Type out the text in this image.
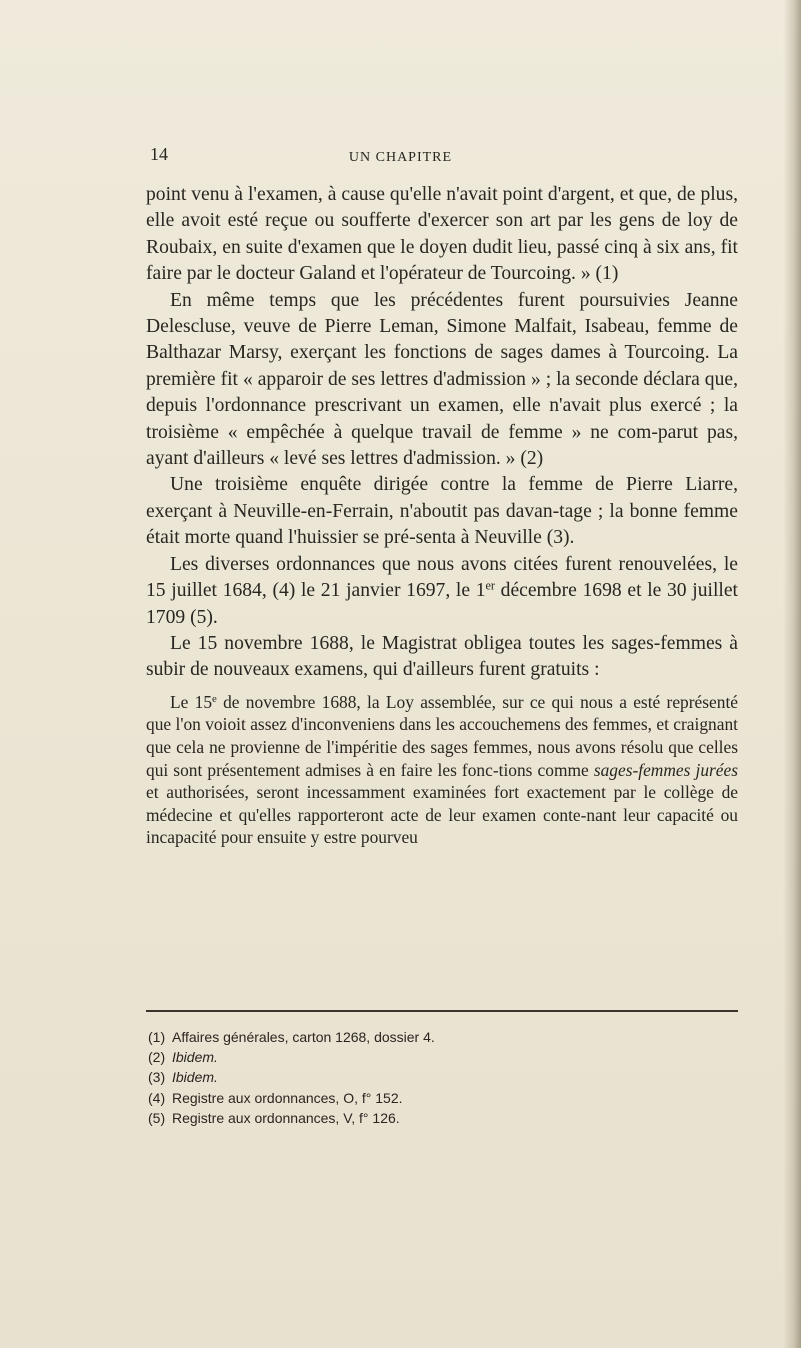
14	UN CHAPITRE

point venu à l'examen, à cause qu'elle n'avait point d'argent, et que, de plus, elle avoit esté reçue ou soufferte d'exercer son art par les gens de loy de Roubaix, en suite d'examen que le doyen dudit lieu, passé cinq à six ans, fit faire par le docteur Galand et l'opérateur de Tourcoing. » (1)

En même temps que les précédentes furent poursuivies Jeanne Delescluse, veuve de Pierre Leman, Simone Malfait, Isabeau, femme de Balthazar Marsy, exerçant les fonctions de sages dames à Tourcoing. La première fit « apparoir de ses lettres d'admission » ; la seconde déclara que, depuis l'ordonnance prescrivant un examen, elle n'avait plus exercé ; la troisième « empêchée à quelque travail de femme » ne com-parut pas, ayant d'ailleurs « levé ses lettres d'admission. » (2)

Une troisième enquête dirigée contre la femme de Pierre Liarre, exerçant à Neuville-en-Ferrain, n'aboutit pas davan-tage ; la bonne femme était morte quand l'huissier se pré-senta à Neuville (3).

Les diverses ordonnances que nous avons citées furent renouvelées, le 15 juillet 1684, (4) le 21 janvier 1697, le 1er décembre 1698 et le 30 juillet 1709 (5).

Le 15 novembre 1688, le Magistrat obligea toutes les sages-femmes à subir de nouveaux examens, qui d'ailleurs furent gratuits :

Le 15e de novembre 1688, la Loy assemblée, sur ce qui nous a esté représenté que l'on voioit assez d'inconveniens dans les accouchemens des femmes, et craignant que cela ne provienne de l'impéritie des sages femmes, nous avons résolu que celles qui sont présentement admises à en faire les fonc-tions comme sages-femmes jurées et authorisées, seront incessamment examinées fort exactement par le collège de médecine et qu'elles rapporteront acte de leur examen conte-nant leur capacité ou incapacité pour ensuite y estre pourveu

(1) Affaires générales, carton 1268, dossier 4.
(2) Ibidem.
(3) Ibidem.
(4) Registre aux ordonnances, O, f° 152.
(5) Registre aux ordonnances, V, f° 126.
